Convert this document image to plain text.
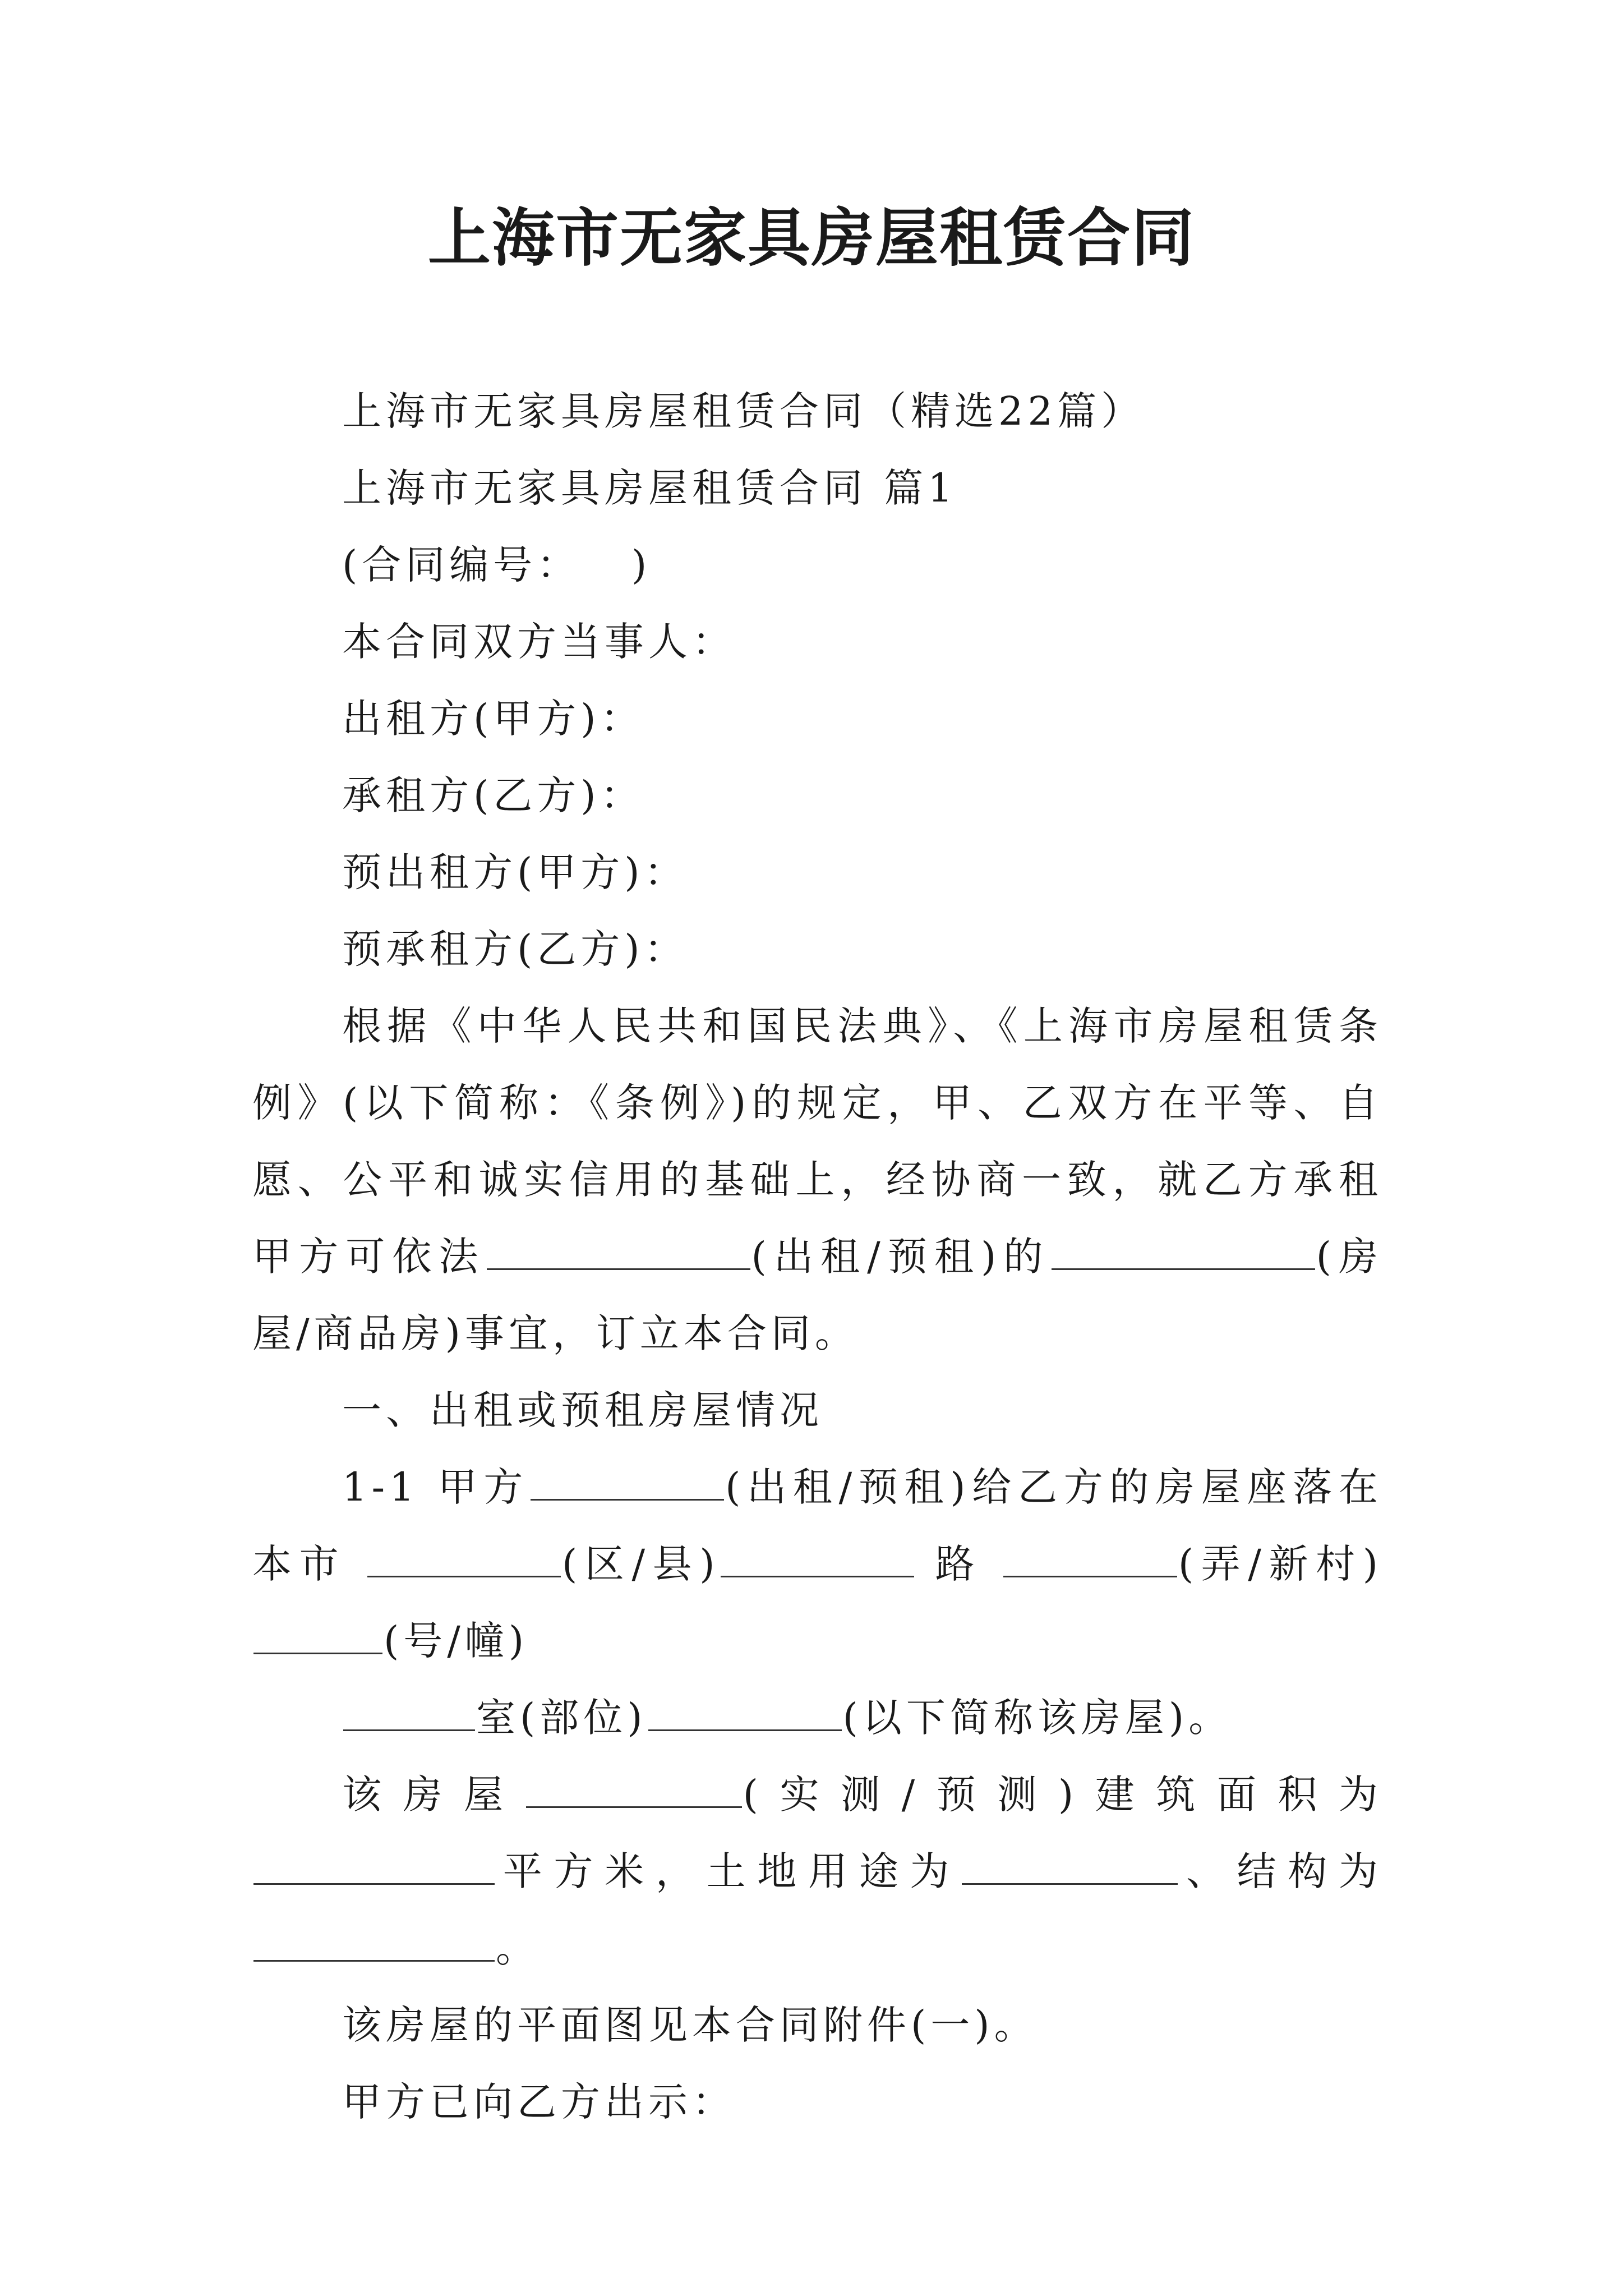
上海市无家具房屋租赁合同

上海市无家具房屋租赁合同（精选22篇）

上海市无家具房屋租赁合同 篇1

(合同编号：   )

本合同双方当事人：

出租方(甲方)：

承租方(乙方)：

预出租方(甲方)：

预承租方(乙方)：

根据《中华人民共和国民法典》、《上海市房屋租赁条例》(以下简称：《条例》)的规定，甲、乙双方在平等、自愿、公平和诚实信用的基础上，经协商一致，就乙方承租甲方可依法	(出租/预租)的	(房屋/商品房)事宜，订立本合同。

一、出租或预租房屋情况

1-1 甲方	(出租/预租)给乙方的房屋座落在本市	(区/县)	路	(弄/新村)(号/幢)

室(部位)	(以下简称该房屋)。

该房屋	(实测/预测)建筑面积为平方米，土地用途为	、结构为。

该房屋的平面图见本合同附件(一)。

甲方已向乙方出示：
